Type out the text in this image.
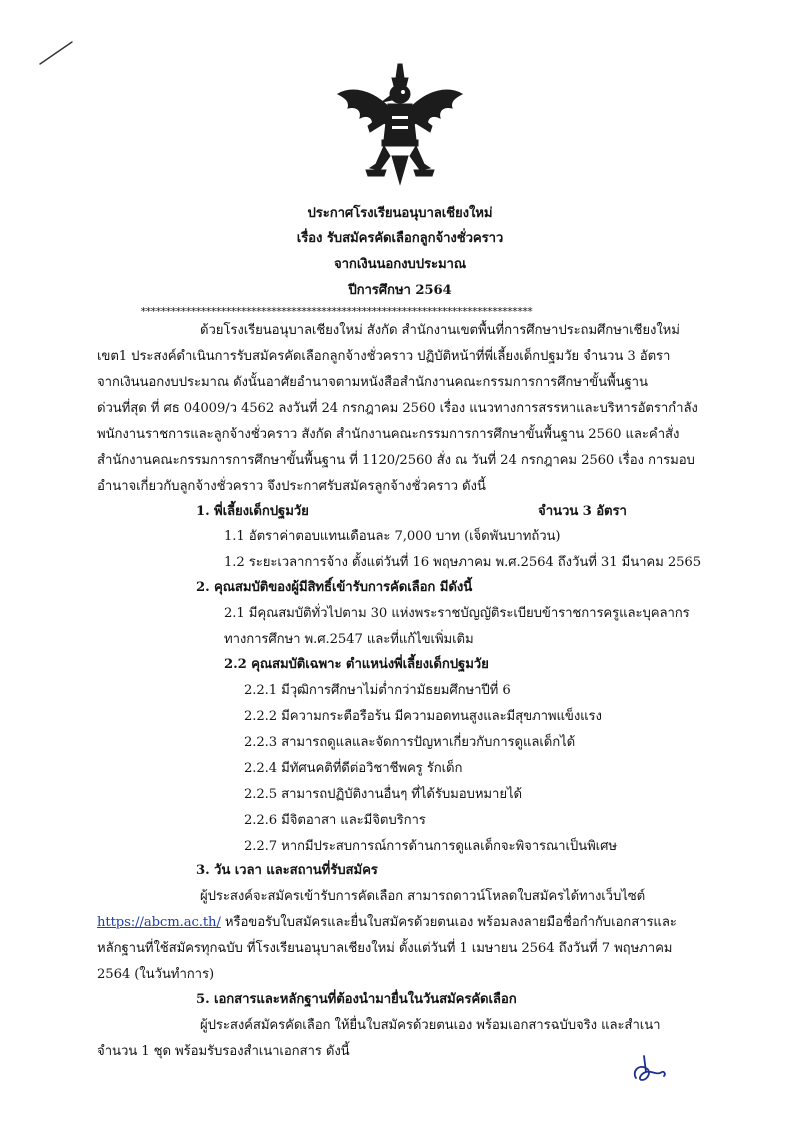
ประกาศโรงเรียนอนุบาลเชียงใหม่
เรื่อง รับสมัครคัดเลือกลูกจ้างชั่วคราว
จากเงินนอกงบประมาณ
ปีการศึกษา 2564
******************************************************************************
ด้วยโรงเรียนอนุบาลเชียงใหม่ สังกัด สำนักงานเขตพื้นที่การศึกษาประถมศึกษาเชียงใหม่
เขต1 ประสงค์ดำเนินการรับสมัครคัดเลือกลูกจ้างชั่วคราว ปฏิบัติหน้าที่พี่เลี้ยงเด็กปฐมวัย จำนวน 3 อัตรา
จากเงินนอกงบประมาณ ดังนั้นอาศัยอำนาจตามหนังสือสำนักงานคณะกรรมการการศึกษาขั้นพื้นฐาน
ด่วนที่สุด ที่ ศธ 04009/ว 4562 ลงวันที่ 24 กรกฎาคม 2560 เรื่อง แนวทางการสรรหาและบริหารอัตรากำลัง
พนักงานราชการและลูกจ้างชั่วคราว สังกัด สำนักงานคณะกรรมการการศึกษาขั้นพื้นฐาน 2560 และคำสั่ง
สำนักงานคณะกรรมการการศึกษาขั้นพื้นฐาน ที่ 1120/2560 สั่ง ณ วันที่ 24 กรกฎาคม 2560 เรื่อง การมอบ
อำนาจเกี่ยวกับลูกจ้างชั่วคราว จึงประกาศรับสมัครลูกจ้างชั่วคราว ดังนี้
1. พี่เลี้ยงเด็กปฐมวัย	จำนวน 3 อัตรา
1.1 อัตราค่าตอบแทนเดือนละ 7,000 บาท (เจ็ดพันบาทถ้วน)
1.2 ระยะเวลาการจ้าง ตั้งแต่วันที่ 16 พฤษภาคม พ.ศ.2564 ถึงวันที่ 31 มีนาคม 2565
2. คุณสมบัติของผู้มีสิทธิ์เข้ารับการคัดเลือก มีดังนี้
2.1 มีคุณสมบัติทั่วไปตาม 30 แห่งพระราชบัญญัติระเบียบข้าราชการครูและบุคลากร
ทางการศึกษา พ.ศ.2547 และที่แก้ไขเพิ่มเติม
2.2 คุณสมบัติเฉพาะ ตำแหน่งพี่เลี้ยงเด็กปฐมวัย
2.2.1 มีวุฒิการศึกษาไม่ต่ำกว่ามัธยมศึกษาปีที่ 6
2.2.2 มีความกระตือรือร้น มีความอดทนสูงและมีสุขภาพแข็งแรง
2.2.3 สามารถดูแลและจัดการปัญหาเกี่ยวกับการดูแลเด็กได้
2.2.4 มีทัศนคติที่ดีต่อวิชาชีพครู รักเด็ก
2.2.5 สามารถปฏิบัติงานอื่นๆ ที่ได้รับมอบหมายได้
2.2.6 มีจิตอาสา และมีจิตบริการ
2.2.7 หากมีประสบการณ์การด้านการดูแลเด็กจะพิจารณาเป็นพิเศษ
3. วัน เวลา และสถานที่รับสมัคร
ผู้ประสงค์จะสมัครเข้ารับการคัดเลือก สามารถดาวน์โหลดใบสมัครได้ทางเว็บไซต์
https://abcm.ac.th/ หรือขอรับใบสมัครและยื่นใบสมัครด้วยตนเอง พร้อมลงลายมือชื่อกำกับเอกสารและ
หลักฐานที่ใช้สมัครทุกฉบับ ที่โรงเรียนอนุบาลเชียงใหม่ ตั้งแต่วันที่ 1 เมษายน 2564 ถึงวันที่ 7 พฤษภาคม
2564 (ในวันทำการ)
5. เอกสารและหลักฐานที่ต้องนำมายื่นในวันสมัครคัดเลือก
ผู้ประสงค์สมัครคัดเลือก ให้ยื่นใบสมัครด้วยตนเอง พร้อมเอกสารฉบับจริง และสำเนา
จำนวน 1 ชุด พร้อมรับรองสำเนาเอกสาร ดังนี้
